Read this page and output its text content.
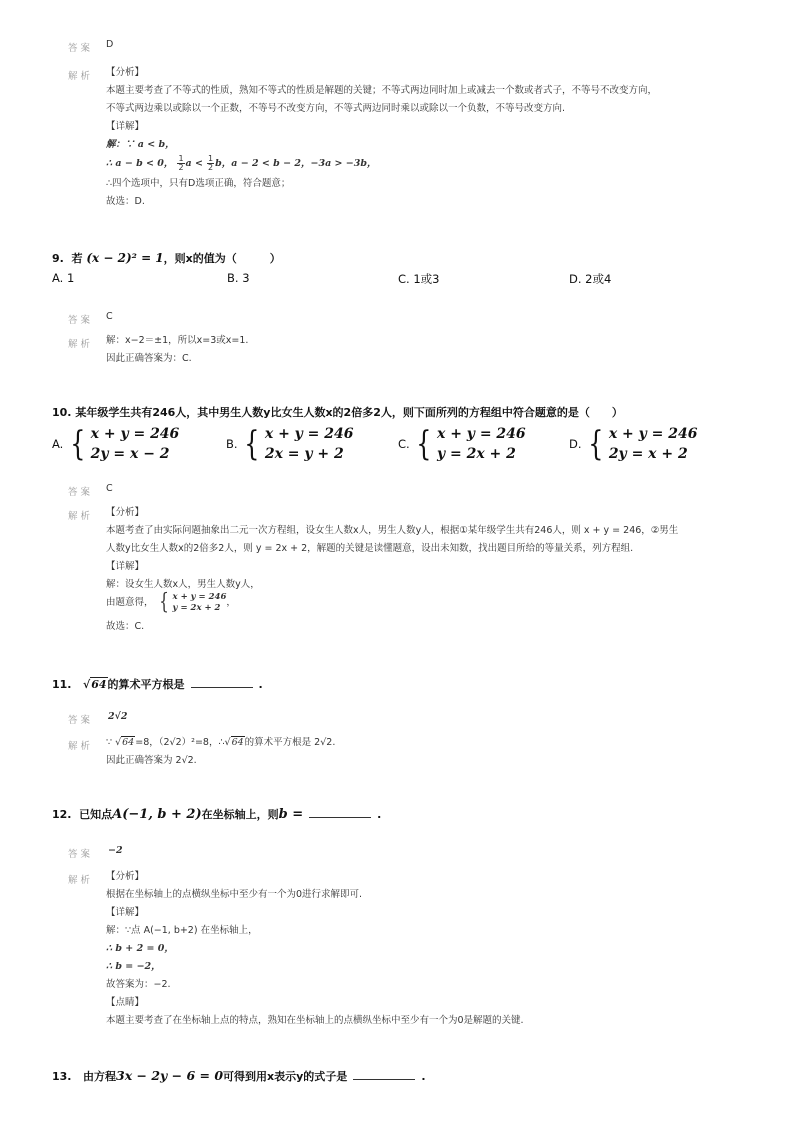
答案 D
解析 【分析】
本题主要考查了不等式的性质，熟知不等式的性质是解题的关键；不等式两边同时加上或减去一个数或者式子，不等号不改变方向，
不等式两边乘以或除以一个正数，不等号不改变方向，不等式两边同时乘以或除以一个负数，不等号改变方向.
【详解】
解：∵ a < b，
∴ a − b < 0， $\frac{1}{2}$ $a < \frac{1}{2}$ b，a − 2 < b − 2，−3a > −3b，
∴四个选项中，只有D选项正确，符合题意；
故选：D.
9. 若 (x − 2)² = 1，则x的值为（　　　）
A. 1	B. 3	C. 1或3	D. 2或4
答案 C
解析 解：x−2＝±1，所以x=3或x=1.
因此正确答案为：C.
10. 某年级学生共有246人，其中男生人数y比女生人数x的2倍多2人，则下面所列的方程组中符合题意的是（　　）
A. { x + y = 246
2y = x − 2
B. { x + y = 246
2x = y + 2
C. { x + y = 246
y = 2x + 2
D. { x + y = 246
2y = x + 2
答案 C
解析 【分析】
本题考查了由实际问题抽象出二元一次方程组，设女生人数x人，男生人数y人，根据①某年级学生共有246人，则 x + y = 246，②男生
人数y比女生人数x的2倍多2人，则 y = 2x + 2，解题的关键是读懂题意，设出未知数，找出题目所给的等量关系，列方程组.
【详解】
解：设女生人数x人，男生人数y人，
由题意得， { x + y = 246
y = 2x + 2 ，
故选：C.
11. √64的算术平方根是	.
答案 2√2
解析 ∵ √64=8，（2√2）²=8，∴√64的算术平方根是 2√2.
因此正确答案为 2√2.
12. 已知点A(−1, b + 2)在坐标轴上，则b =	.
答案 −2
解析 【分析】
根据在坐标轴上的点横纵坐标中至少有一个为0进行求解即可.
【详解】
解：∵点 A(−1, b+2) 在坐标轴上，
∴ b + 2 = 0，
∴ b = −2，
故答案为：−2.
【点睛】
本题主要考查了在坐标轴上点的特点，熟知在坐标轴上的点横纵坐标中至少有一个为0是解题的关键.
13. 由方程3x − 2y − 6 = 0可得到用x表示y的式子是	.
